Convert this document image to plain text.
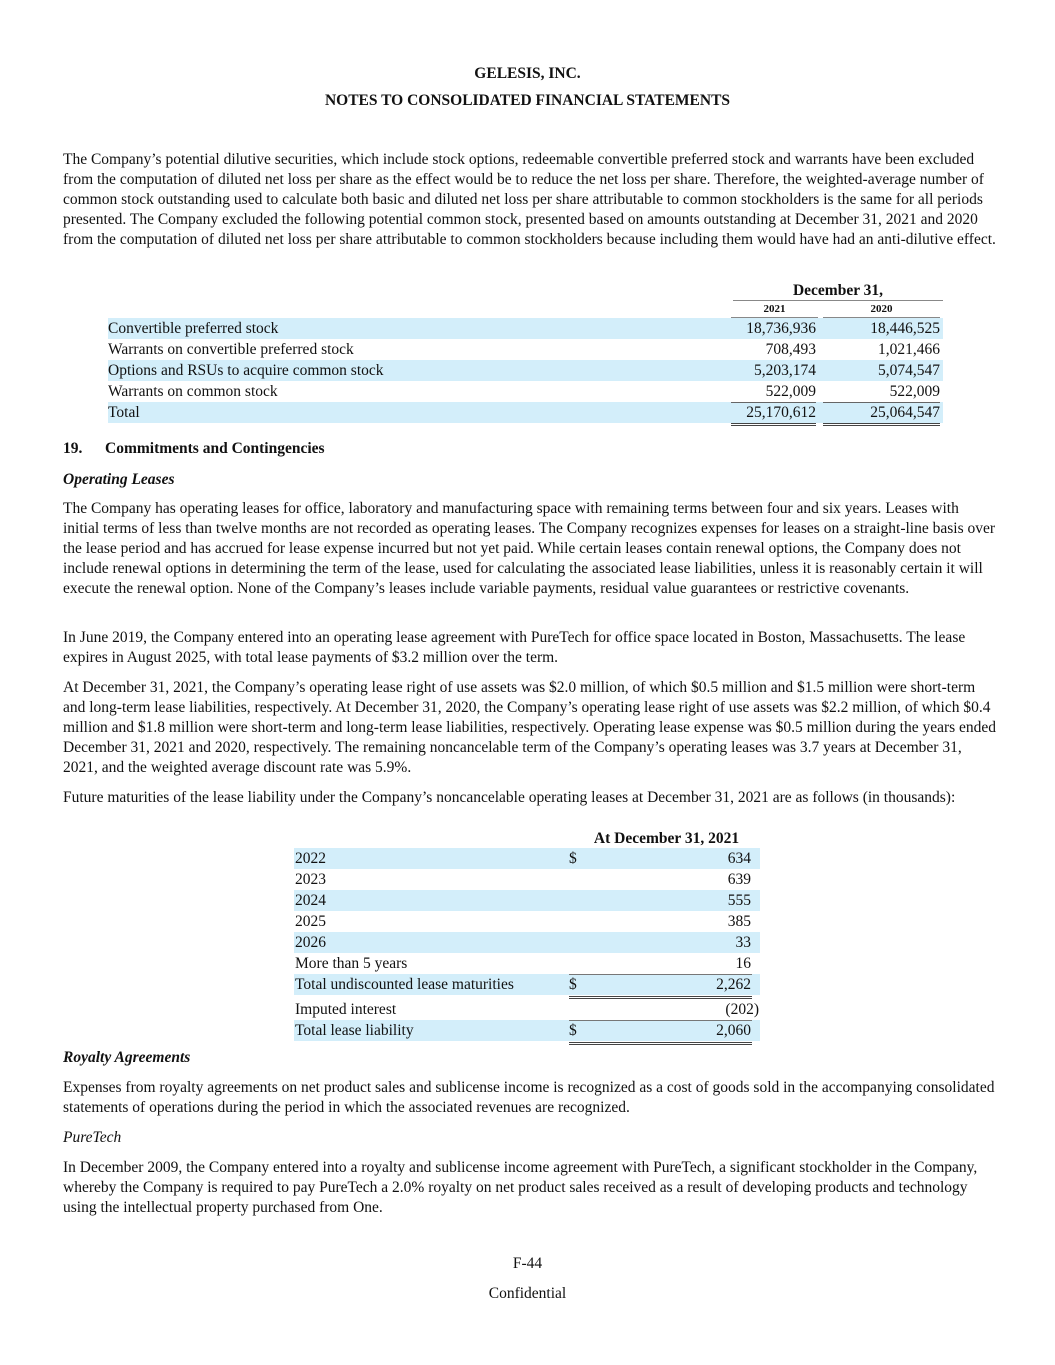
GELESIS, INC.
NOTES TO CONSOLIDATED FINANCIAL STATEMENTS

The Company’s potential dilutive securities, which include stock options, redeemable convertible preferred stock and warrants have been excluded from the computation of diluted net loss per share as the effect would be to reduce the net loss per share. Therefore, the weighted-average number of common stock outstanding used to calculate both basic and diluted net loss per share attributable to common stockholders is the same for all periods presented. The Company excluded the following potential common stock, presented based on amounts outstanding at December 31, 2021 and 2020 from the computation of diluted net loss per share attributable to common stockholders because including them would have had an anti-dilutive effect.

December 31,
2021	2020
Convertible preferred stock	18,736,936	18,446,525
Warrants on convertible preferred stock	708,493	1,021,466
Options and RSUs to acquire common stock	5,203,174	5,074,547
Warrants on common stock	522,009	522,009
Total	25,170,612	25,064,547
19. Commitments and Contingencies
Operating Leases

The Company has operating leases for office, laboratory and manufacturing space with remaining terms between four and six years. Leases with initial terms of less than twelve months are not recorded as operating leases. The Company recognizes expenses for leases on a straight-line basis over the lease period and has accrued for lease expense incurred but not yet paid. While certain leases contain renewal options, the Company does not include renewal options in determining the term of the lease, used for calculating the associated lease liabilities, unless it is reasonably certain it will execute the renewal option. None of the Company’s leases include variable payments, residual value guarantees or restrictive covenants.

In June 2019, the Company entered into an operating lease agreement with PureTech for office space located in Boston, Massachusetts. The lease expires in August 2025, with total lease payments of $3.2 million over the term.

At December 31, 2021, the Company’s operating lease right of use assets was $2.0 million, of which $0.5 million and $1.5 million were short-term and long-term lease liabilities, respectively. At December 31, 2020, the Company’s operating lease right of use assets was $2.2 million, of which $0.4 million and $1.8 million were short-term and long-term lease liabilities, respectively. Operating lease expense was $0.5 million during the years ended December 31, 2021 and 2020, respectively. The remaining noncancelable term of the Company’s operating leases was 3.7 years at December 31, 2021, and the weighted average discount rate was 5.9%.

Future maturities of the lease liability under the Company’s noncancelable operating leases at December 31, 2021 are as follows (in thousands):

At December 31, 2021
2022	$	634
2023	639
2024	555
2025	385
2026	33
More than 5 years	16
Total undiscounted lease maturities	$	2,262
Imputed interest	(202)
Total lease liability	$	2,060
Royalty Agreements

Expenses from royalty agreements on net product sales and sublicense income is recognized as a cost of goods sold in the accompanying consolidated statements of operations during the period in which the associated revenues are recognized.

PureTech

In December 2009, the Company entered into a royalty and sublicense income agreement with PureTech, a significant stockholder in the Company, whereby the Company is required to pay PureTech a 2.0% royalty on net product sales received as a result of developing products and technology using the intellectual property purchased from One.

F-44
Confidential
